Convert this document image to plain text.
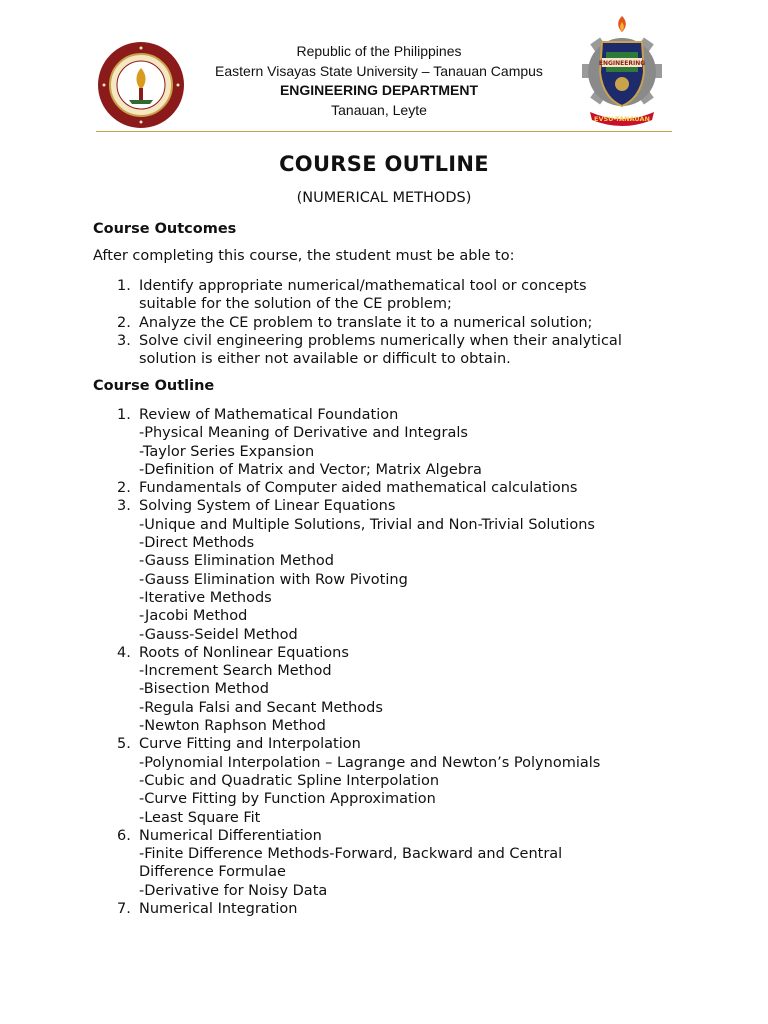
Republic of the Philippines
Eastern Visayas State University – Tanauan Campus
ENGINEERING DEPARTMENT
Tanauan, Leyte
ENGINEERING
EVSU-TANAUAN
COURSE OUTLINE
(NUMERICAL METHODS)
Course Outcomes
After completing this course, the student must be able to:
1. Identify appropriate numerical/mathematical tool or concepts
suitable for the solution of the CE problem;
2. Analyze the CE problem to translate it to a numerical solution;
3. Solve civil engineering problems numerically when their analytical
solution is either not available or difficult to obtain.
Course Outline
1. Review of Mathematical Foundation
-Physical Meaning of Derivative and Integrals
-Taylor Series Expansion
-Definition of Matrix and Vector; Matrix Algebra
2. Fundamentals of Computer aided mathematical calculations
3. Solving System of Linear Equations
-Unique and Multiple Solutions, Trivial and Non-Trivial Solutions
-Direct Methods
-Gauss Elimination Method
-Gauss Elimination with Row Pivoting
-Iterative Methods
-Jacobi Method
-Gauss-Seidel Method
4. Roots of Nonlinear Equations
-Increment Search Method
-Bisection Method
-Regula Falsi and Secant Methods
-Newton Raphson Method
5. Curve Fitting and Interpolation
-Polynomial Interpolation – Lagrange and Newton’s Polynomials
-Cubic and Quadratic Spline Interpolation
-Curve Fitting by Function Approximation
-Least Square Fit
6. Numerical Differentiation
-Finite Difference Methods-Forward, Backward and Central
Difference Formulae
-Derivative for Noisy Data
7. Numerical Integration
